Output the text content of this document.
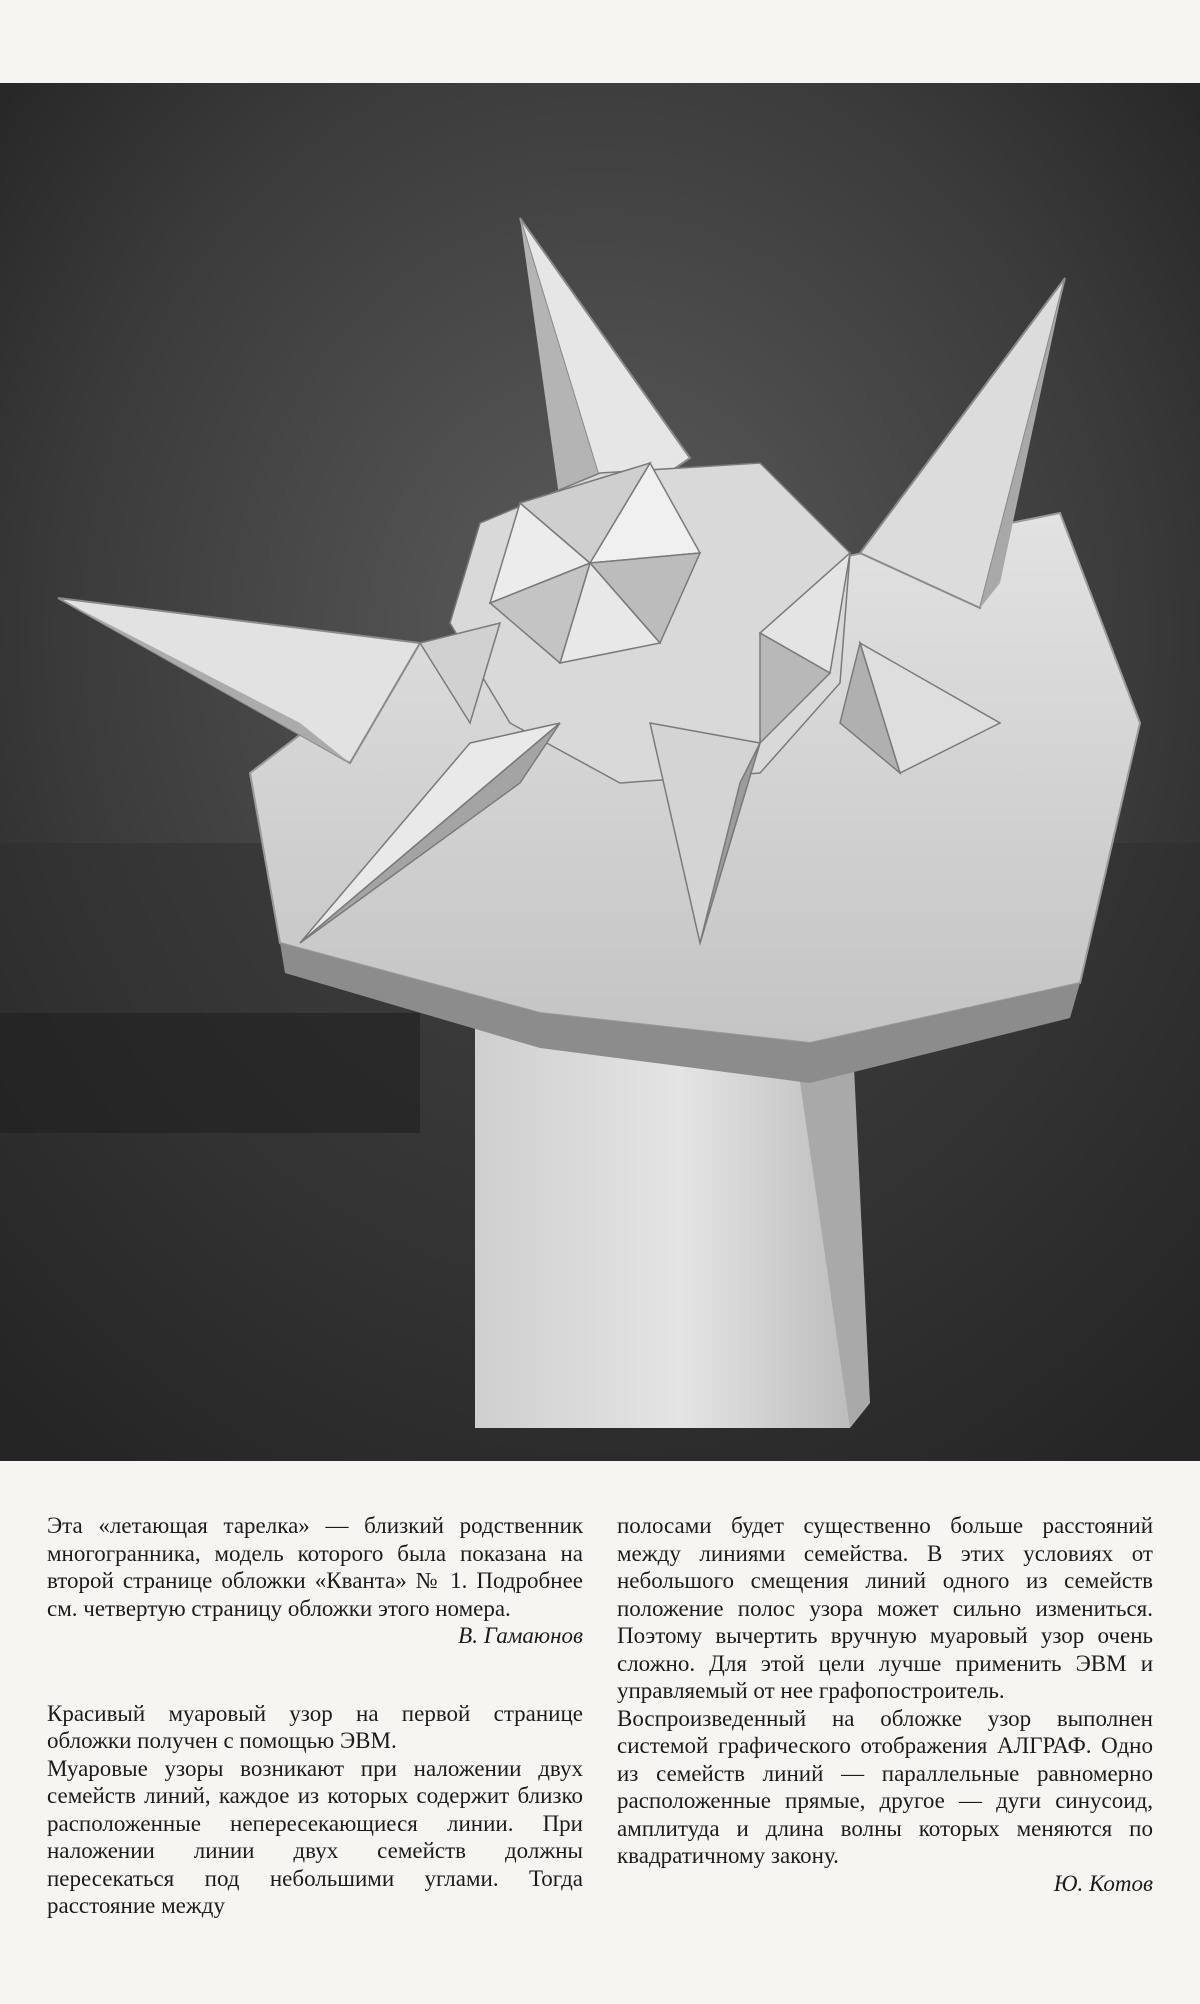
Эта «летающая тарелка» — близкий родственник многогранника, модель которого была показана на второй странице обложки «Кванта» № 1. Подробнее см. четвертую страницу обложки этого номера.

В. Гамаюнов

Красивый муаровый узор на первой странице обложки получен с помощью ЭВМ.

Муаровые узоры возникают при наложении двух семейств линий, каждое из которых содержит близко расположенные непересекающиеся линии. При наложении линии двух семейств должны пересекаться под небольшими углами. Тогда расстояние между

полосами будет существенно больше расстояний между линиями семейства. В этих условиях от небольшого смещения линий одного из семейств положение полос узора может сильно измениться. Поэтому вычертить вручную муаровый узор очень сложно. Для этой цели лучше применить ЭВМ и управляемый от нее графопостроитель.

Воспроизведенный на обложке узор выполнен системой графического отображения АЛГРАФ. Одно из семейств линий — параллельные равномерно расположенные прямые, другое — дуги синусоид, амплитуда и длина волны которых меняются по квадратичному закону.

Ю. Котов
